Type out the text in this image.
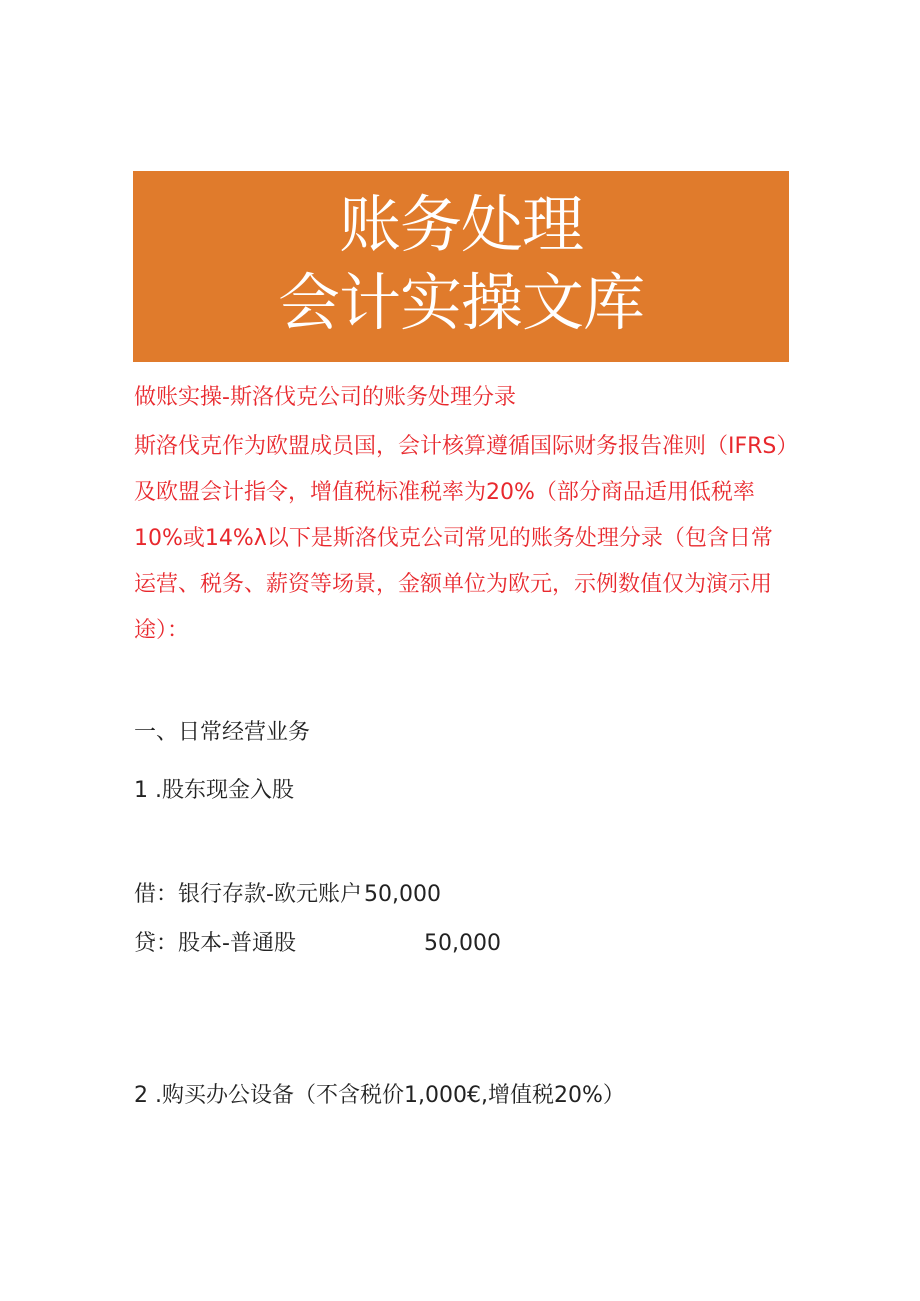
账务处理
会计实操文库

做账实操-斯洛伐克公司的账务处理分录

斯洛伐克作为欧盟成员国，会计核算遵循国际财务报告准则（IFRS）及欧盟会计指令，增值税标准税率为20%（部分商品适用低税率10%或14%λ以下是斯洛伐克公司常见的账务处理分录（包含日常运营、税务、薪资等场景，金额单位为欧元，示例数值仅为演示用途）：

一、日常经营业务
1 .股东现金入股
借：银行存款-欧元账户 50,000
贷：股本-普通股	50,000
2 .购买办公设备（不含税价1,000€,增值税20%）
